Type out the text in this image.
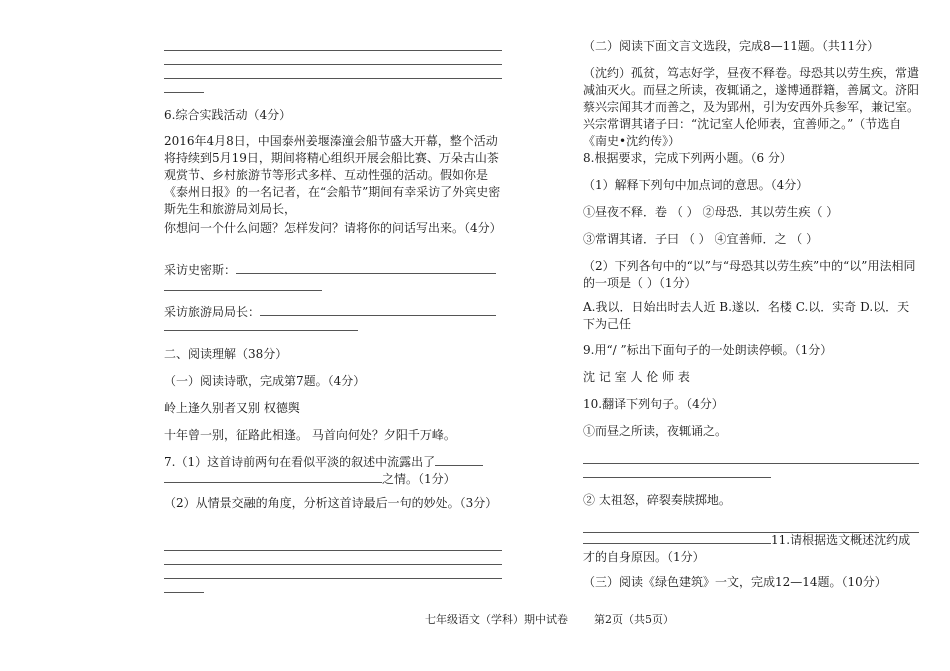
6.综合实践活动（4分）

2016年4月8日，中国泰州姜堰溱潼会船节盛大开幕，整个活动将持续到5月19日，期间将精心组织开展会船比赛、万朵古山茶观赏节、乡村旅游节等形式多样、互动性强的活动。假如你是《泰州日报》的一名记者，在“会船节”期间有幸采访了外宾史密斯先生和旅游局刘局长，

你想问一个什么问题？怎样发问？请将你的问话写出来。（4分）

采访史密斯：

采访旅游局局长：

二、阅读理解（38分）

（一）阅读诗歌，完成第7题。（4分）

岭上逢久别者又别 权德舆

十年曾一别，征路此相逢。 马首向何处？夕阳千万峰。

7.（1）这首诗前两句在看似平淡的叙述中流露出了
之情。（1分）

（2）从情景交融的角度，分析这首诗最后一句的妙处。（3分）

（二）阅读下面文言文选段，完成8—11题。（共11分）

（沈约）孤贫，笃志好学，昼夜不释卷。母恐其以劳生疾，常遣减油灭火。而昼之所读，夜辄诵之，遂博通群籍，善属文。济阳蔡兴宗闻其才而善之，及为郢州，引为安西外兵参军，兼记室。兴宗常谓其诸子曰：“沈记室人伦师表，宜善师之。”（节选自《南史•沈约传》）

8.根据要求，完成下列两小题。（6 分）

（1）解释下列句中加点词的意思。（4分）

①昼夜不释．卷 （ ） ②母恐．其以劳生疾（ ）

③常谓其诸．子曰 （ ） ④宜善师．之 （ ）

（2）下列各句中的“以”与“母恐其以劳生疾”中的“以”用法相同的一项是（ ）（1分）

A.我以．日始出时去人近 B.遂以．名楼 C.以．实奇 D.以．天下为己任

9.用“/ ”标出下面句子的一处朗读停顿。（1分）

沈 记 室 人 伦 师 表

10.翻译下列句子。（4分）

①而昼之所读，夜辄诵之。

② 太祖怒，碎裂奏牍掷地。

11.请根据选文概述沈约成才的自身原因。（1分）

（三）阅读《绿色建筑》一文，完成12—14题。（10分）

七年级语文（学科）期中试卷 第2页（共5页）
